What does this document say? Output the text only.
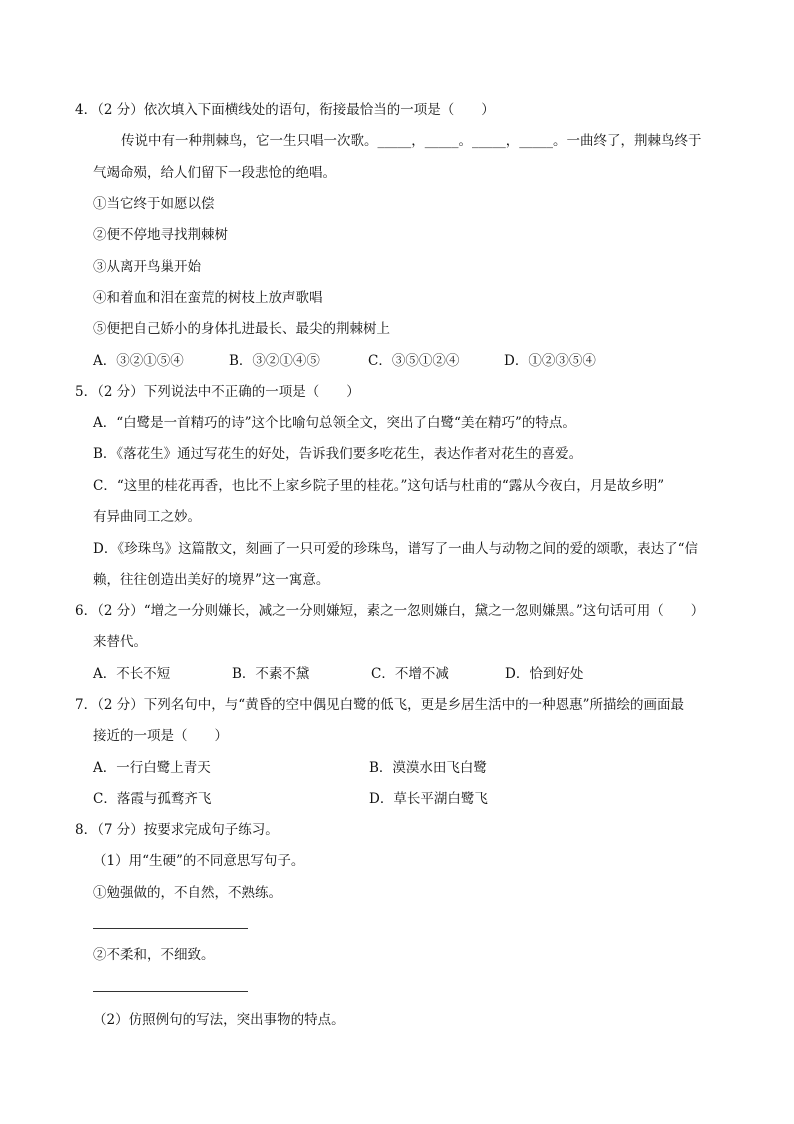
4．（2 分）依次填入下面横线处的语句，衔接最恰当的一项是（　　）
传说中有一种荆棘鸟，它一生只唱一次歌。_____，_____。_____，_____。一曲终了，荆棘鸟终于
气竭命殒，给人们留下一段悲怆的绝唱。
①当它终于如愿以偿
②便不停地寻找荆棘树
③从离开鸟巢开始
④和着血和泪在蛮荒的树枝上放声歌唱
⑤便把自己娇小的身体扎进最长、最尖的荆棘树上
A．③②①⑤④	B．③②①④⑤	C．③⑤①②④	D．①②③⑤④
5．（2 分）下列说法中不正确的一项是（　　）
A．“白鹭是一首精巧的诗”这个比喻句总领全文，突出了白鹭“美在精巧”的特点。
B．《落花生》通过写花生的好处，告诉我们要多吃花生，表达作者对花生的喜爱。
C．“这里的桂花再香，也比不上家乡院子里的桂花。”这句话与杜甫的“露从今夜白，月是故乡明”
有异曲同工之妙。
D．《珍珠鸟》这篇散文，刻画了一只可爱的珍珠鸟，谱写了一曲人与动物之间的爱的颂歌，表达了“信
赖，往往创造出美好的境界”这一寓意。
6．（2 分）“增之一分则嫌长，减之一分则嫌短，素之一忽则嫌白，黛之一忽则嫌黑。”这句话可用（　　）
来替代。
A．不长不短	B．不素不黛	C．不增不减	D．恰到好处
7．（2 分）下列名句中，与“黄昏的空中偶见白鹭的低飞，更是乡居生活中的一种恩惠”所描绘的画面最
接近的一项是（　　）
A．一行白鹭上青天	B．漠漠水田飞白鹭
C．落霞与孤鹜齐飞	D．草长平湖白鹭飞
8．（7 分）按要求完成句子练习。
（1）用“生硬”的不同意思写句子。
①勉强做的，不自然，不熟练。
②不柔和，不细致。
（2）仿照例句的写法，突出事物的特点。
